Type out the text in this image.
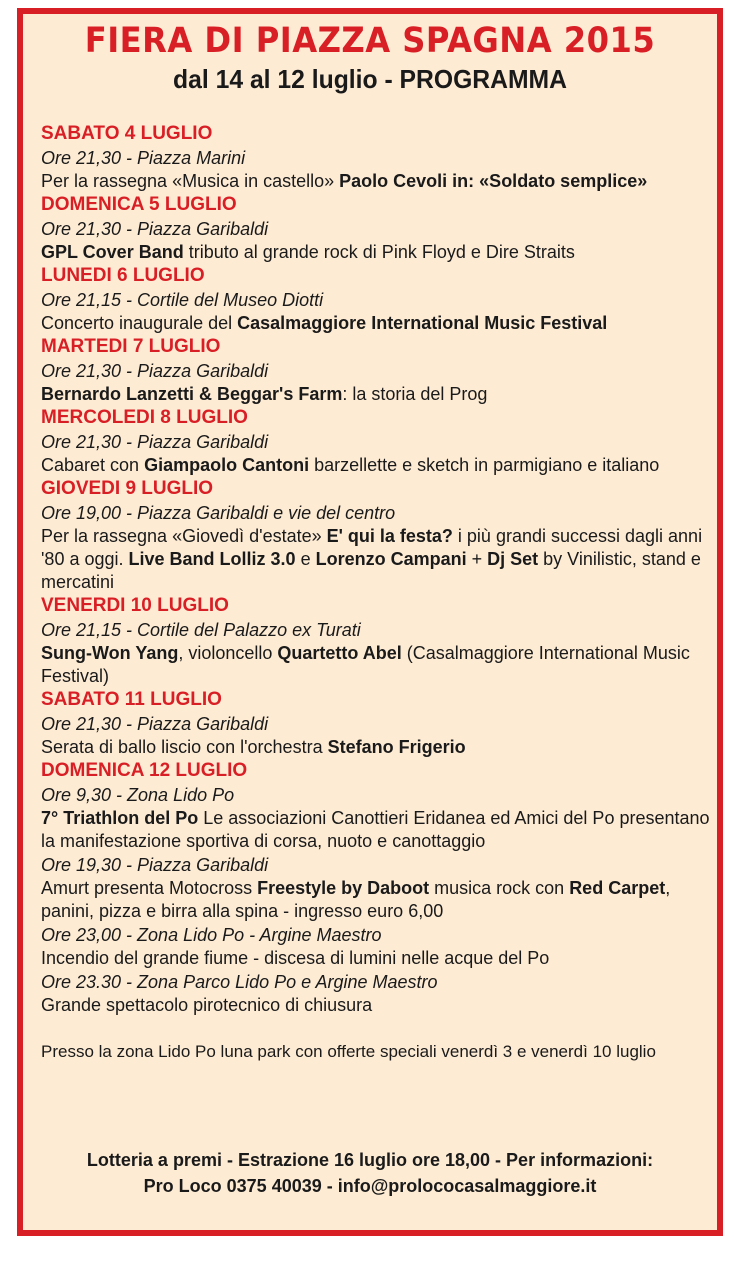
FIERA DI PIAZZA SPAGNA 2015
dal 14 al 12 luglio - PROGRAMMA
SABATO 4 LUGLIO
Ore 21,30 - Piazza Marini
Per la rassegna «Musica in castello» Paolo Cevoli in: «Soldato semplice»
DOMENICA 5 LUGLIO
Ore 21,30 - Piazza Garibaldi
GPL Cover Band tributo al grande rock di Pink Floyd e Dire Straits
LUNEDI 6 LUGLIO
Ore 21,15 - Cortile del Museo Diotti
Concerto inaugurale del Casalmaggiore International Music Festival
MARTEDI 7 LUGLIO
Ore 21,30 - Piazza Garibaldi
Bernardo Lanzetti & Beggar's Farm: la storia del Prog
MERCOLEDI 8 LUGLIO
Ore 21,30 - Piazza Garibaldi
Cabaret con Giampaolo Cantoni barzellette e sketch in parmigiano e italiano
GIOVEDI 9 LUGLIO
Ore 19,00 - Piazza Garibaldi e vie del centro
Per la rassegna «Giovedì d'estate» E' qui la festa? i più grandi successi dagli anni '80 a oggi. Live Band Lolliz 3.0 e Lorenzo Campani + Dj Set by Vinilistic, stand e mercatini
VENERDI 10 LUGLIO
Ore 21,15 - Cortile del Palazzo ex Turati
Sung-Won Yang, violoncello Quartetto Abel (Casalmaggiore International Music Festival)
SABATO 11 LUGLIO
Ore 21,30 - Piazza Garibaldi
Serata di ballo liscio con l'orchestra Stefano Frigerio
DOMENICA 12 LUGLIO
Ore 9,30 - Zona Lido Po
7° Triathlon del Po Le associazioni Canottieri Eridanea ed Amici del Po presentano la manifestazione sportiva di corsa, nuoto e canottaggio
Ore 19,30 - Piazza Garibaldi
Amurt presenta Motocross Freestyle by Daboot musica rock con Red Carpet, panini, pizza e birra alla spina - ingresso euro 6,00
Ore 23,00 - Zona Lido Po - Argine Maestro
Incendio del grande fiume - discesa di lumini nelle acque del Po
Ore 23.30 - Zona Parco Lido Po e Argine Maestro
Grande spettacolo pirotecnico di chiusura
Presso la zona Lido Po luna park con offerte speciali venerdì 3 e venerdì 10 luglio
Lotteria a premi - Estrazione 16 luglio ore 18,00 - Per informazioni:
Pro Loco 0375 40039 - info@prolococasalmaggiore.it
